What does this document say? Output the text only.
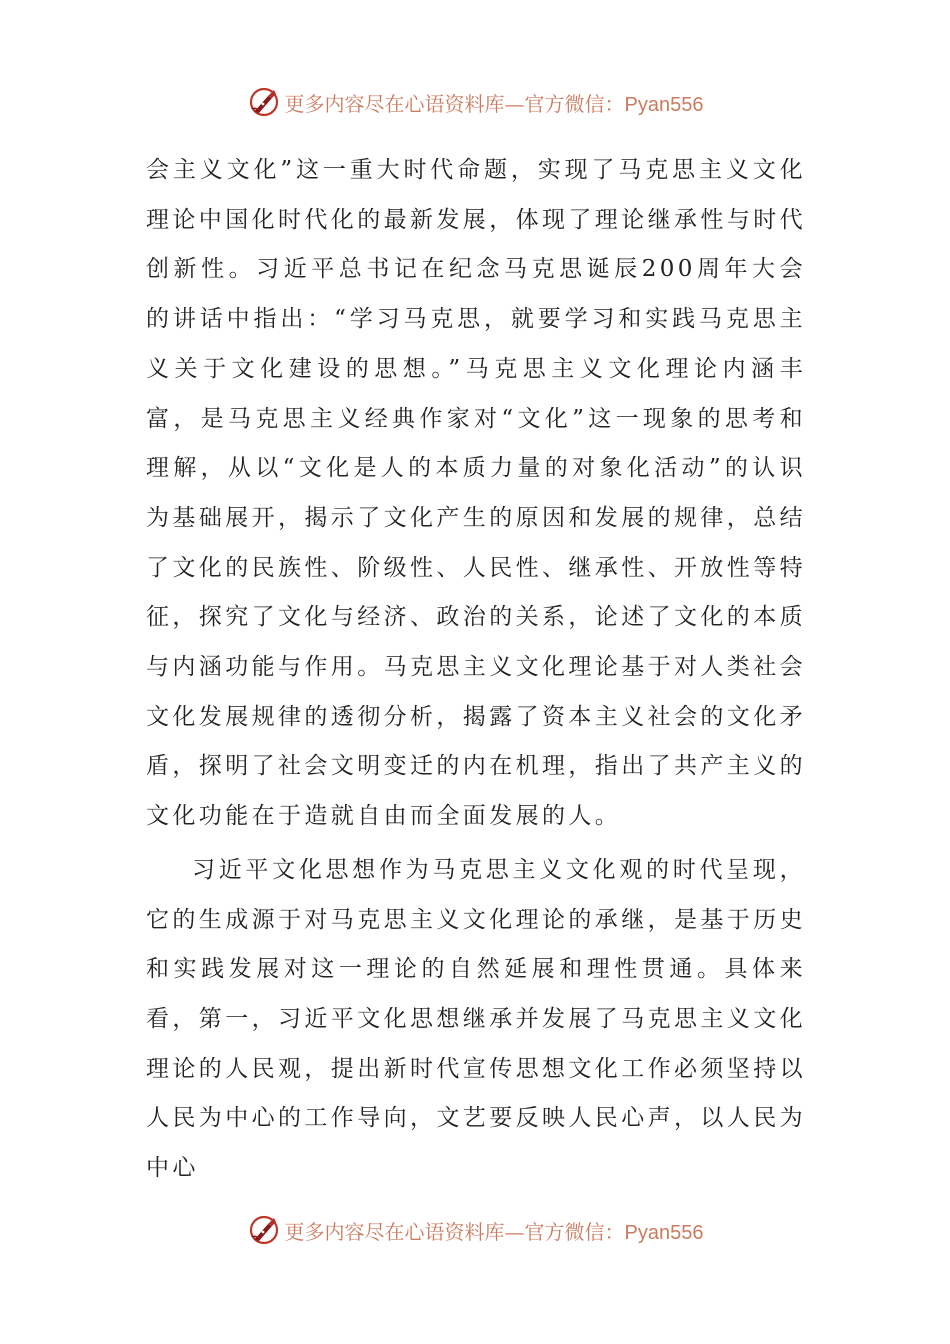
更多内容尽在心语资料库—官方微信：Pyan556

会主义文化”这一重大时代命题，实现了马克思主义文化理论中国化时代化的最新发展，体现了理论继承性与时代创新性。习近平总书记在纪念马克思诞辰200周年大会的讲话中指出：“学习马克思，就要学习和实践马克思主义关于文化建设的思想。”马克思主义文化理论内涵丰富，是马克思主义经典作家对“文化”这一现象的思考和理解，从以“文化是人的本质力量的对象化活动”的认识为基础展开，揭示了文化产生的原因和发展的规律，总结了文化的民族性、阶级性、人民性、继承性、开放性等特征，探究了文化与经济、政治的关系，论述了文化的本质与内涵功能与作用。马克思主义文化理论基于对人类社会文化发展规律的透彻分析，揭露了资本主义社会的文化矛盾，探明了社会文明变迁的内在机理，指出了共产主义的文化功能在于造就自由而全面发展的人。

习近平文化思想作为马克思主义文化观的时代呈现，它的生成源于对马克思主义文化理论的承继，是基于历史和实践发展对这一理论的自然延展和理性贯通。具体来看，第一，习近平文化思想继承并发展了马克思主义文化理论的人民观，提出新时代宣传思想文化工作必须坚持以人民为中心的工作导向，文艺要反映人民心声，以人民为中心

更多内容尽在心语资料库—官方微信：Pyan556
